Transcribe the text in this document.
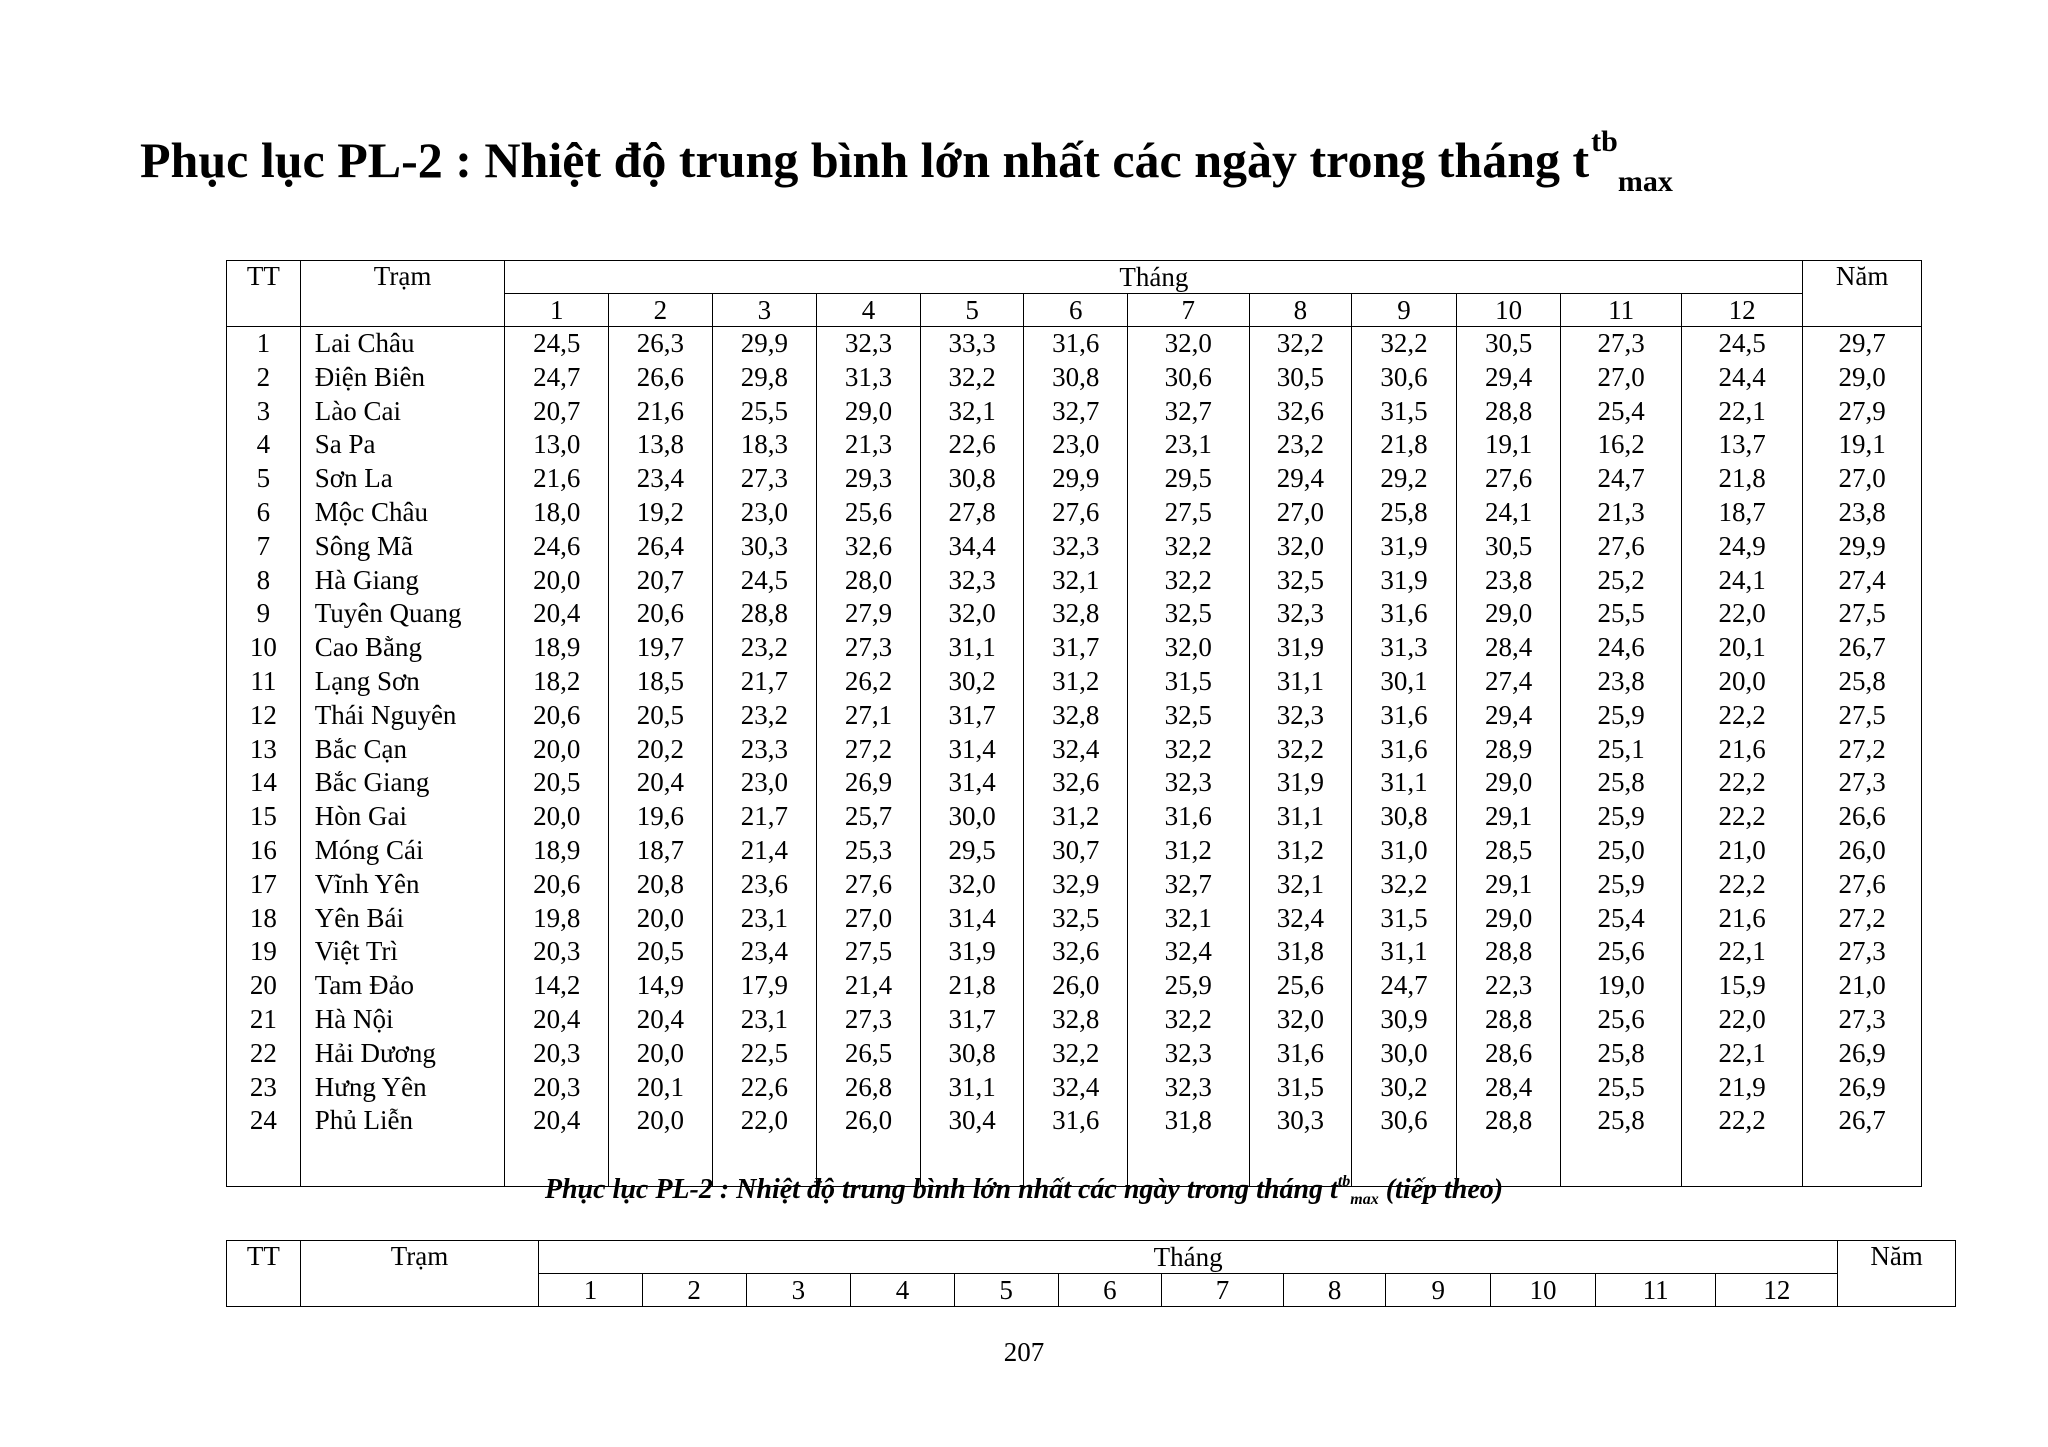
Phục lục PL-2 : Nhiệt độ trung bình lớn nhất các ngày trong tháng $t^{tb}_{max}$
TT	Trạm	Tháng												Năm
		1	2	3	4	5	6	7	8	9	10	11	12	
1	Lai Châu	24,5	26,3	29,9	32,3	33,3	31,6	32,0	32,2	32,2	30,5	27,3	24,5	29,7
2	Điện Biên	24,7	26,6	29,8	31,3	32,2	30,8	30,6	30,5	30,6	29,4	27,0	24,4	29,0
3	Lào Cai	20,7	21,6	25,5	29,0	32,1	32,7	32,7	32,6	31,5	28,8	25,4	22,1	27,9
4	Sa Pa	13,0	13,8	18,3	21,3	22,6	23,0	23,1	23,2	21,8	19,1	16,2	13,7	19,1
5	Sơn La	21,6	23,4	27,3	29,3	30,8	29,9	29,5	29,4	29,2	27,6	24,7	21,8	27,0
6	Mộc Châu	18,0	19,2	23,0	25,6	27,8	27,6	27,5	27,0	25,8	24,1	21,3	18,7	23,8
7	Sông Mã	24,6	26,4	30,3	32,6	34,4	32,3	32,2	32,0	31,9	30,5	27,6	24,9	29,9
8	Hà Giang	20,0	20,7	24,5	28,0	32,3	32,1	32,2	32,5	31,9	23,8	25,2	24,1	27,4
9	Tuyên Quang	20,4	20,6	28,8	27,9	32,0	32,8	32,5	32,3	31,6	29,0	25,5	22,0	27,5
10	Cao Bằng	18,9	19,7	23,2	27,3	31,1	31,7	32,0	31,9	31,3	28,4	24,6	20,1	26,7
11	Lạng Sơn	18,2	18,5	21,7	26,2	30,2	31,2	31,5	31,1	30,1	27,4	23,8	20,0	25,8
12	Thái Nguyên	20,6	20,5	23,2	27,1	31,7	32,8	32,5	32,3	31,6	29,4	25,9	22,2	27,5
13	Bắc Cạn	20,0	20,2	23,3	27,2	31,4	32,4	32,2	32,2	31,6	28,9	25,1	21,6	27,2
14	Bắc Giang	20,5	20,4	23,0	26,9	31,4	32,6	32,3	31,9	31,1	29,0	25,8	22,2	27,3
15	Hòn Gai	20,0	19,6	21,7	25,7	30,0	31,2	31,6	31,1	30,8	29,1	25,9	22,2	26,6
16	Móng Cái	18,9	18,7	21,4	25,3	29,5	30,7	31,2	31,2	31,0	28,5	25,0	21,0	26,0
17	Vĩnh Yên	20,6	20,8	23,6	27,6	32,0	32,9	32,7	32,1	32,2	29,1	25,9	22,2	27,6
18	Yên Bái	19,8	20,0	23,1	27,0	31,4	32,5	32,1	32,4	31,5	29,0	25,4	21,6	27,2
19	Việt Trì	20,3	20,5	23,4	27,5	31,9	32,6	32,4	31,8	31,1	28,8	25,6	22,1	27,3
20	Tam Đảo	14,2	14,9	17,9	21,4	21,8	26,0	25,9	25,6	24,7	22,3	19,0	15,9	21,0
21	Hà Nội	20,4	20,4	23,1	27,3	31,7	32,8	32,2	32,0	30,9	28,8	25,6	22,0	27,3
22	Hải Dương	20,3	20,0	22,5	26,5	30,8	32,2	32,3	31,6	30,0	28,6	25,8	22,1	26,9
23	Hưng Yên	20,3	20,1	22,6	26,8	31,1	32,4	32,3	31,5	30,2	28,4	25,5	21,9	26,9
24	Phủ Liễn	20,4	20,0	22,0	26,0	30,4	31,6	31,8	30,3	30,6	28,8	25,8	22,2	26,7

Phục lục PL-2 : Nhiệt độ trung bình lớn nhất các ngày trong tháng $t^{tb}_{max}$ (tiếp theo)
TT	Trạm	Tháng												Năm
		1	2	3	4	5	6	7	8	9	10	11	12	
207
